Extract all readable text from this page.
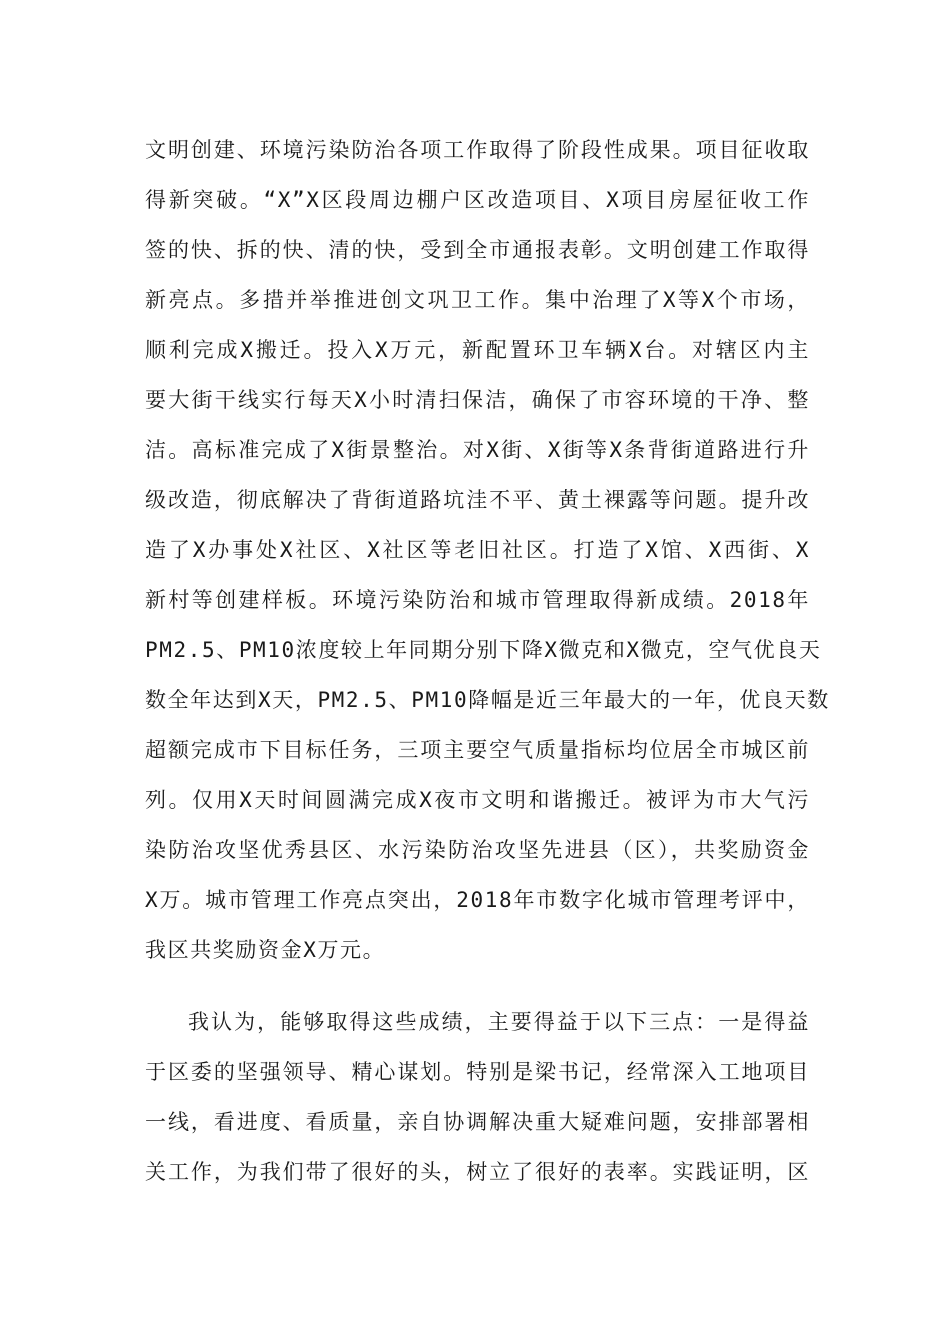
文明创建、环境污染防治各项工作取得了阶段性成果。项目征收取
得新突破。“X”X区段周边棚户区改造项目、X项目房屋征收工作
签的快、拆的快、清的快，受到全市通报表彰。文明创建工作取得
新亮点。多措并举推进创文巩卫工作。集中治理了X等X个市场，
顺利完成X搬迁。投入X万元，新配置环卫车辆X台。对辖区内主
要大街干线实行每天X小时清扫保洁，确保了市容环境的干净、整
洁。高标准完成了X街景整治。对X街、X街等X条背街道路进行升
级改造，彻底解决了背街道路坑洼不平、黄土裸露等问题。提升改
造了X办事处X社区、X社区等老旧社区。打造了X馆、X西街、X
新村等创建样板。环境污染防治和城市管理取得新成绩。2018年
PM2.5、PM10浓度较上年同期分别下降X微克和X微克，空气优良天
数全年达到X天，PM2.5、PM10降幅是近三年最大的一年，优良天数
超额完成市下目标任务，三项主要空气质量指标均位居全市城区前
列。仅用X天时间圆满完成X夜市文明和谐搬迁。被评为市大气污
染防治攻坚优秀县区、水污染防治攻坚先进县（区），共奖励资金
X万。城市管理工作亮点突出，2018年市数字化城市管理考评中，
我区共奖励资金X万元。
我认为，能够取得这些成绩，主要得益于以下三点：一是得益
于区委的坚强领导、精心谋划。特别是梁书记，经常深入工地项目
一线，看进度、看质量，亲自协调解决重大疑难问题，安排部署相
关工作，为我们带了很好的头，树立了很好的表率。实践证明，区
